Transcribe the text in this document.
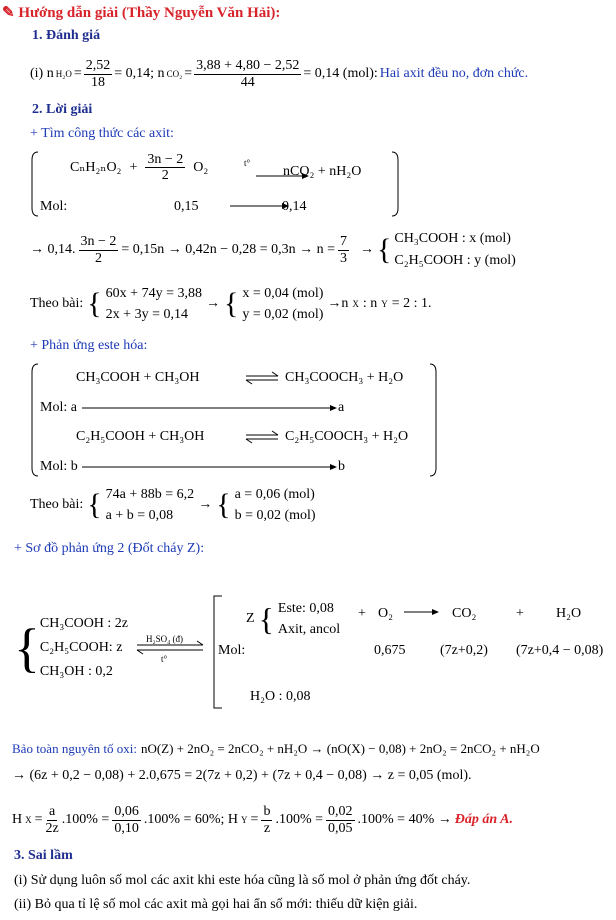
✎ Hướng dẫn giải (Thầy Nguyễn Văn Hải):
1. Đánh giá
(i) n $H_2O = \frac{2,52}{18} = 0,14$; n $CO_2 = \frac{3,88 + 4,80 - 2,52}{44} = 0,14$ (mol): Hai axit đều no, đơn chức.
2. Lời giải
+ Tìm công thức các axit:
$C_nH_{2n}O_2 + \frac{3n - 2}{2} O_2$	t°
nCO₂ + nH₂O
Mol:	0,15	0,14
→ 0,14. $\frac{3n - 2}{2} = 0,15n \to 0,42n - 0,28 = 0,3n \to n = \frac{7}{3}$ → { CH₃COOH : x (mol)
C₂H₅COOH : y (mol)
Theo bài: { 60x + 74y = 3,88
2x + 3y = 0,14
→ { x = 0,04 (mol)
y = 0,02 (mol)
→n X : n Y = 2 : 1.
+ Phản ứng este hóa:
CH₃COOH + CH₃OH	CH₃COOCH₃ + H₂O
Mol: a	a
C₂H₅COOH + CH₃OH	C₂H₅COOCH₃ + H₂O
Mol: b	b
Theo bài: { 74a + 88b = 6,2
a + b = 0,08
→ { a = 0,06 (mol)
b = 0,02 (mol)
+ Sơ đồ phản ứng 2 (Đốt cháy Z):
{ CH₃COOH : 2z
C₂H₅COOH: z
CH₃OH : 0,2
H₂SO₄ (đ)
t°
Z { Este: 0,08
Axit, ancol
+ O₂	CO₂	+ H₂O
Mol:	0,675 (7z+0,2) (7z+0,4 − 0,08)
H₂O : 0,08
Bảo toàn nguyên tố oxi: nO(Z) + 2nO₂ = 2nCO₂ + nH₂O → (nO(X) − 0,08) + 2nO₂ = 2nCO₂ + nH₂O
→ (6z + 0,2 − 0,08) + 2.0,675 = 2(7z + 0,2) + (7z + 0,4 − 0,08) → z = 0,05 (mol).
H $X = \frac{a}{2z} .100\% = \frac{0,06}{0,10} .100\% = 60\%$; H $Y = \frac{b}{z} .100\% = \frac{0,02}{0,05} .100\% = 40\%$ → Đáp án A.
3. Sai lầm
(i) Sử dụng luôn số mol các axit khi este hóa cũng là số mol ở phản ứng đốt cháy.
(ii) Bỏ qua tỉ lệ số mol các axit mà gọi hai ẩn số mới: thiếu dữ kiện giải.
